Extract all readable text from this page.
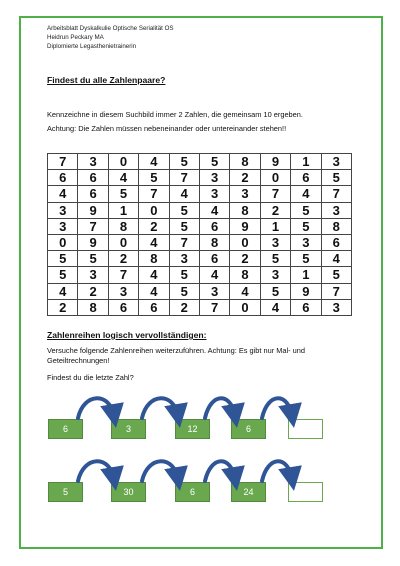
Arbeitsblatt Dyskalkulie Optische Serialität OS
Heidrun Peckary MA
Diplomierte Legasthenietrainerin
Findest du alle Zahlenpaare?
Kennzeichne in diesem Suchbild immer 2 Zahlen, die gemeinsam 10 ergeben.
Achtung: Die Zahlen müssen nebeneinander oder untereinander stehen!!
7	3	0	4	5	5	8	9	1	3
6	6	4	5	7	3	2	0	6	5
4	6	5	7	4	3	3	7	4	7
3	9	1	0	5	4	8	2	5	3
3	7	8	2	5	6	9	1	5	8
0	9	0	4	7	8	0	3	3	6
5	5	2	8	3	6	2	5	5	4
5	3	7	4	5	4	8	3	1	5
4	2	3	4	5	3	4	5	9	7
2	8	6	6	2	7	0	4	6	3
Zahlenreihen logisch vervollständigen:
Versuche folgende Zahlenreihen weiterzuführen. Achtung: Es gibt nur Mal- und Geteiltrechnungen!
Findest du die letzte Zahl?
6	3	12	6
5	30	6	24
